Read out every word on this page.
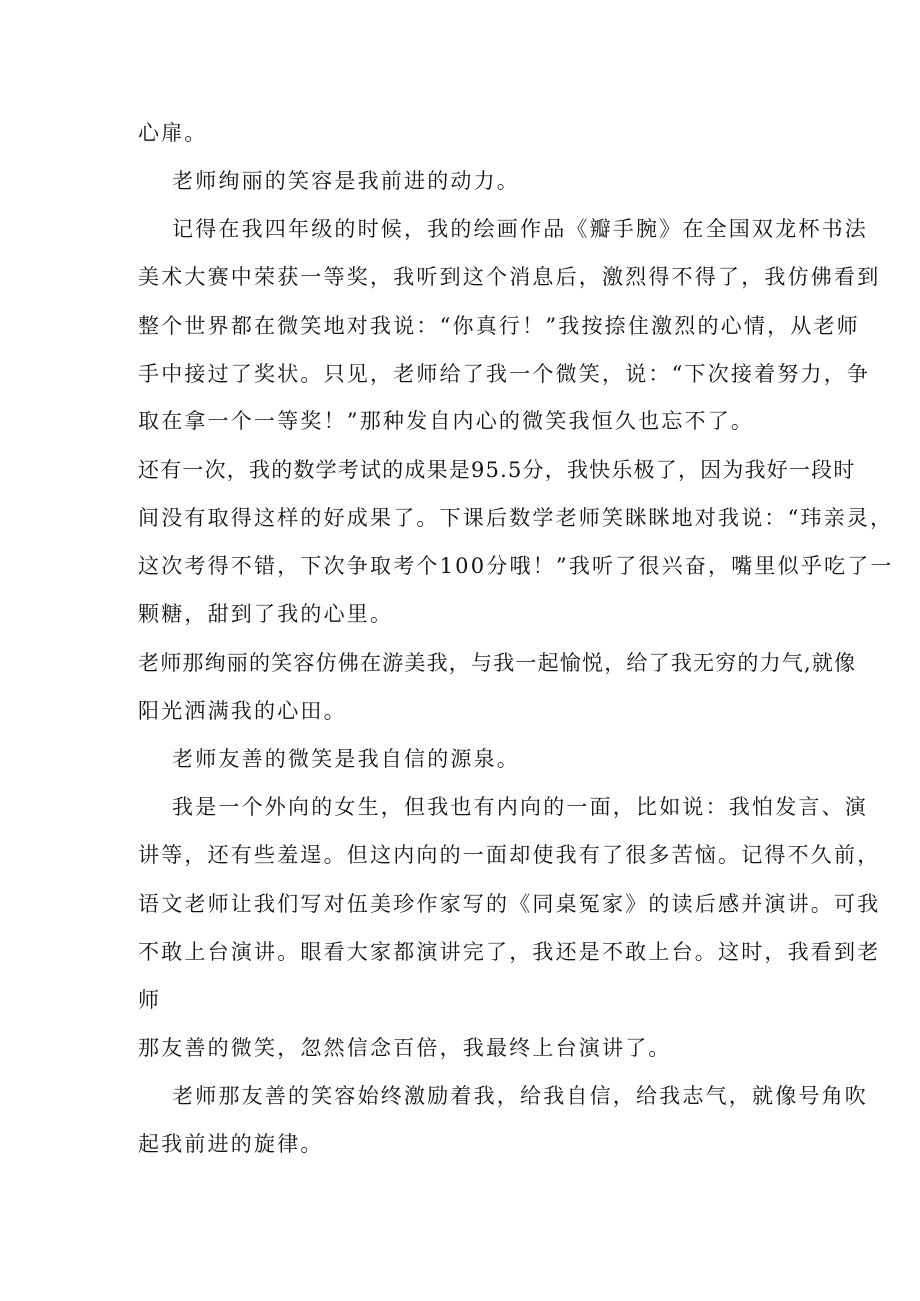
心扉。
老师绚丽的笑容是我前进的动力。
记得在我四年级的时候，我的绘画作品《瓣手腕》在全国双龙杯书法
美术大赛中荣获一等奖，我听到这个消息后，激烈得不得了，我仿佛看到
整个世界都在微笑地对我说：“你真行！”我按捺住激烈的心情，从老师
手中接过了奖状。只见，老师给了我一个微笑，说：“下次接着努力，争
取在拿一个一等奖！”那种发自内心的微笑我恒久也忘不了。
还有一次，我的数学考试的成果是95.5分，我快乐极了，因为我好一段时
间没有取得这样的好成果了。下课后数学老师笑眯眯地对我说：“玮亲灵，
这次考得不错，下次争取考个100分哦！”我听了很兴奋，嘴里似乎吃了一
颗糖，甜到了我的心里。
老师那绚丽的笑容仿佛在游美我，与我一起愉悦，给了我无穷的力气,就像
阳光洒满我的心田。
老师友善的微笑是我自信的源泉。
我是一个外向的女生，但我也有内向的一面，比如说：我怕发言、演
讲等，还有些羞逞。但这内向的一面却使我有了很多苦恼。记得不久前，
语文老师让我们写对伍美珍作家写的《同桌冤家》的读后感并演讲。可我
不敢上台演讲。眼看大家都演讲完了，我还是不敢上台。这时，我看到老
师
那友善的微笑，忽然信念百倍，我最终上台演讲了。
老师那友善的笑容始终激励着我，给我自信，给我志气，就像号角吹
起我前进的旋律。
